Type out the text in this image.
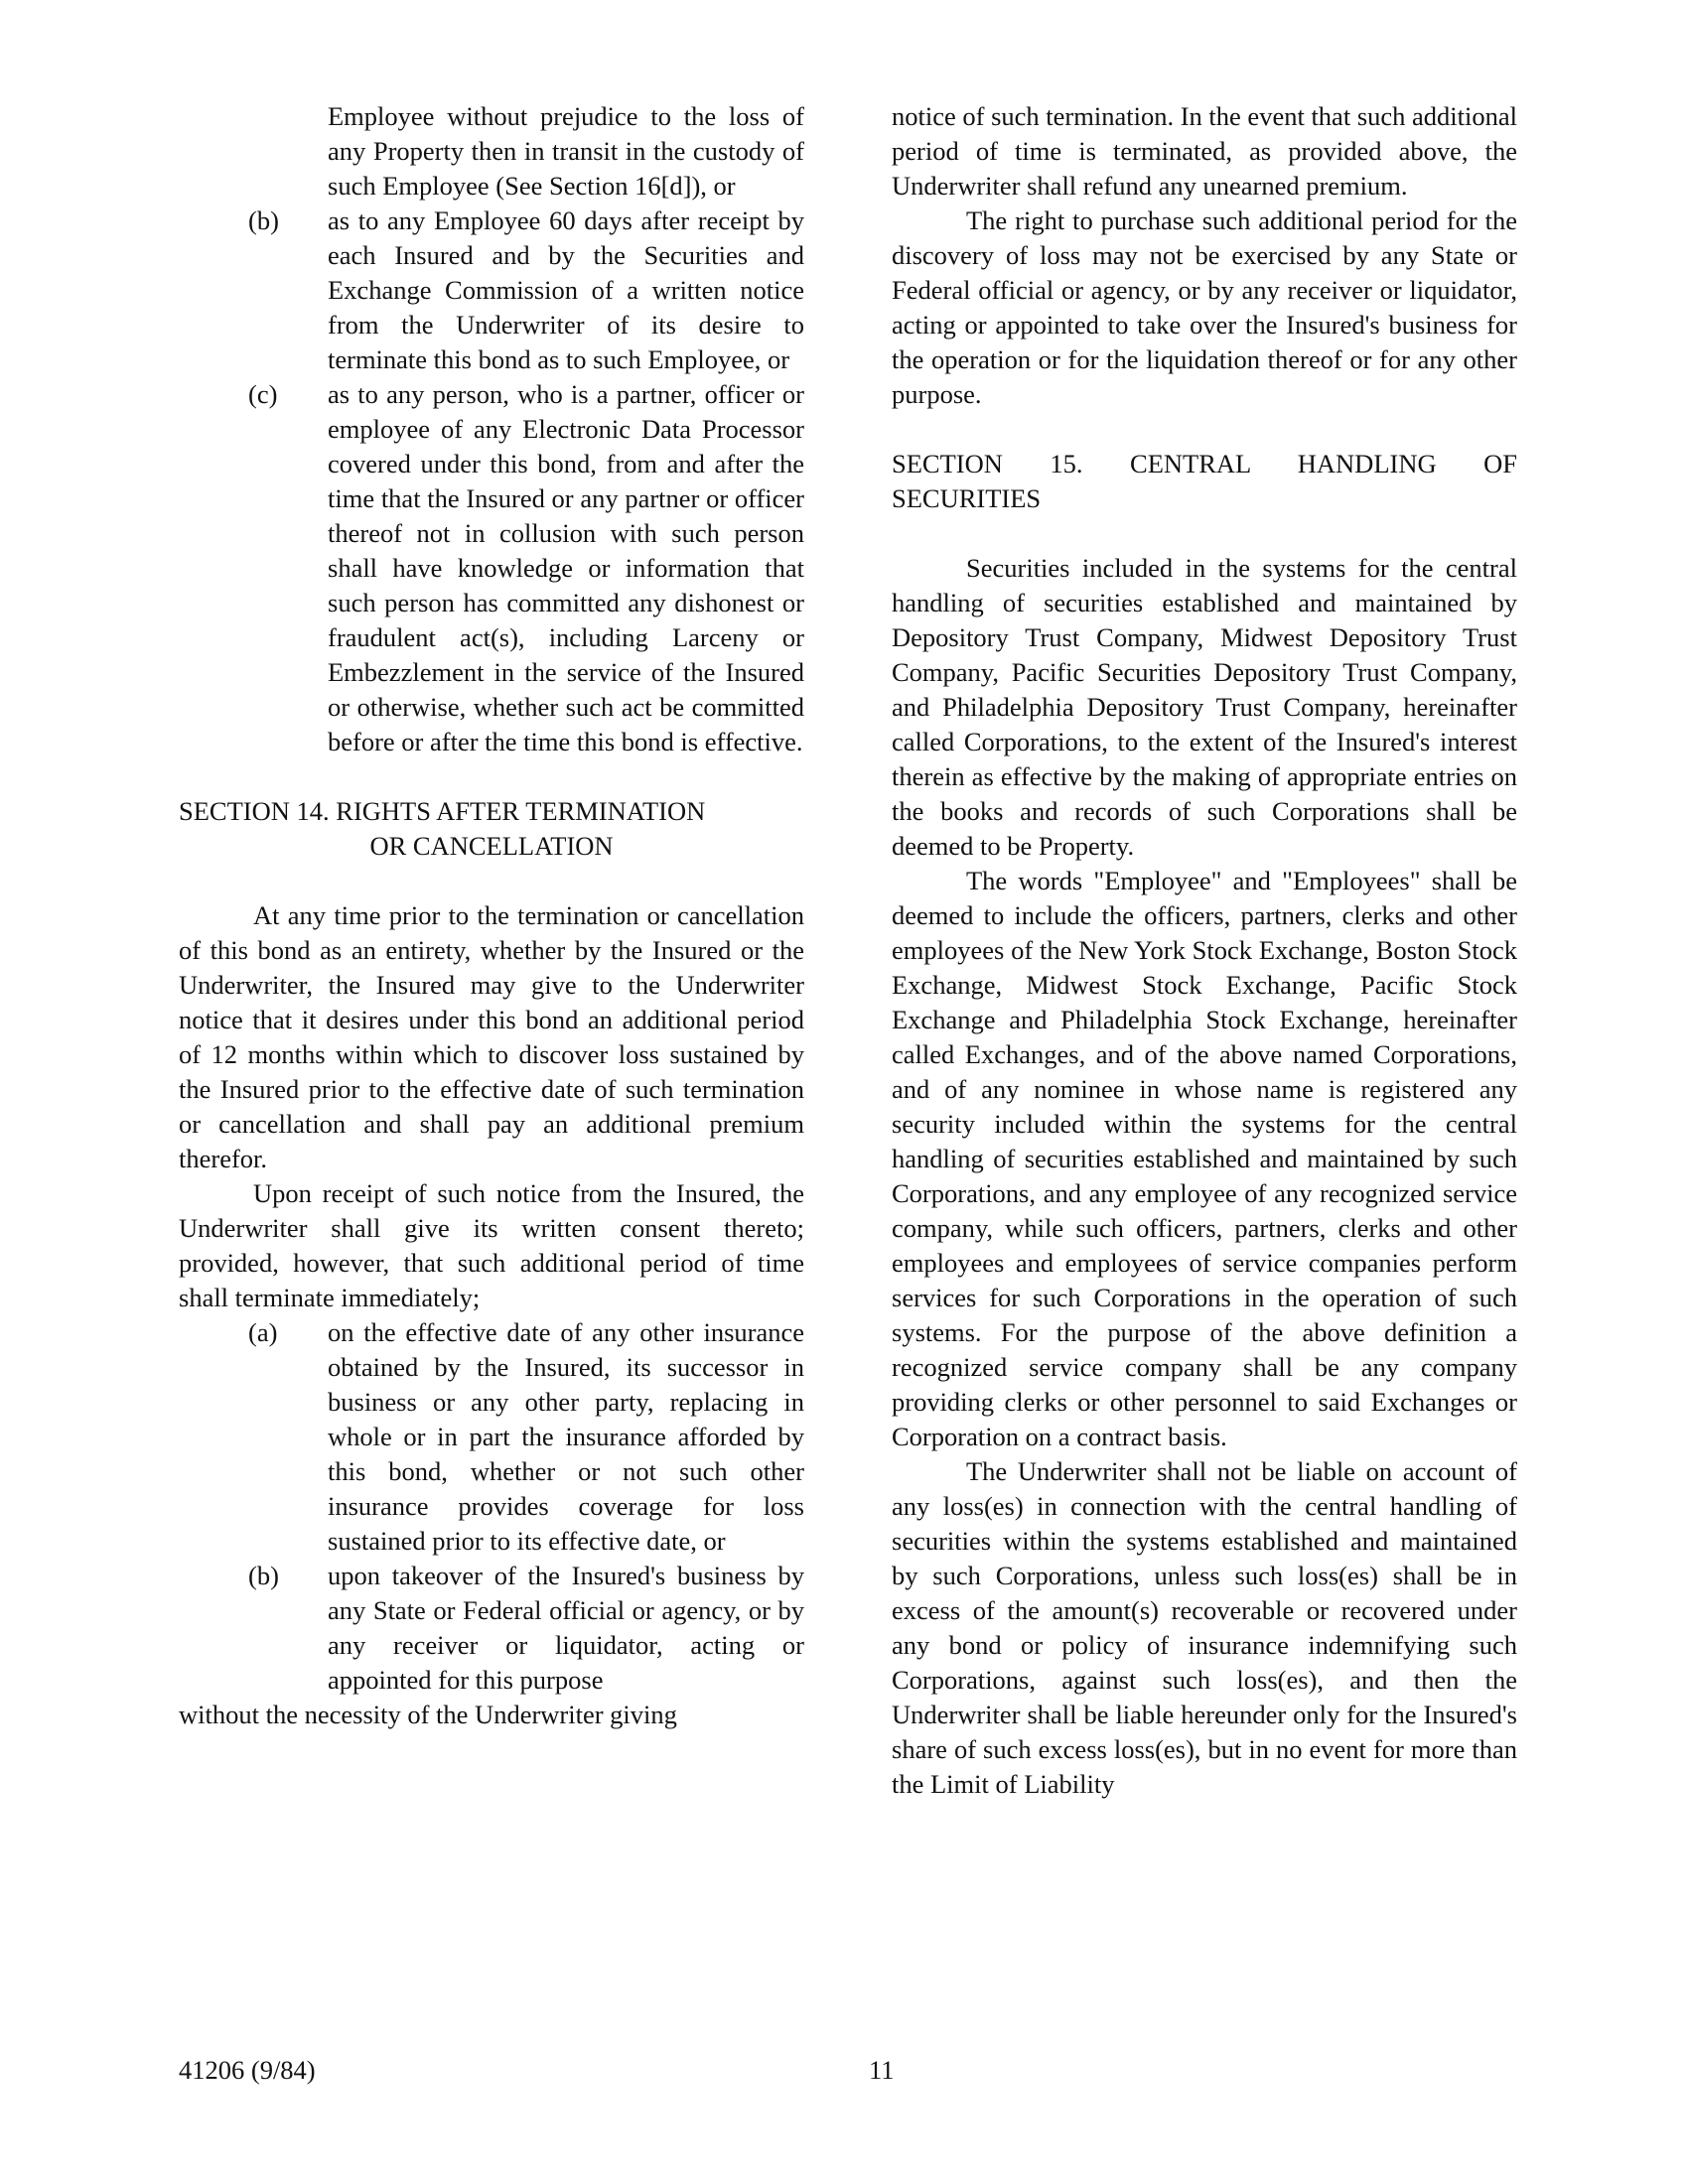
Employee without prejudice to the loss of any Property then in transit in the custody of such Employee (See Section 16[d]), or

(b)	as to any Employee 60 days after receipt by each Insured and by the Securities and Exchange Commission of a written notice from the Underwriter of its desire to terminate this bond as to such Employee, or
(c)	as to any person, who is a partner, officer or employee of any Electronic Data Processor covered under this bond, from and after the time that the Insured or any partner or officer thereof not in collusion with such person shall have knowledge or information that such person has committed any dishonest or fraudulent act(s), including Larceny or Embezzlement in the service of the Insured or otherwise, whether such act be committed before or after the time this bond is effective.

SECTION 14. RIGHTS AFTER TERMINATION

OR CANCELLATION

At any time prior to the termination or cancellation of this bond as an entirety, whether by the Insured or the Underwriter, the Insured may give to the Underwriter notice that it desires under this bond an additional period of 12 months within which to discover loss sustained by the Insured prior to the effective date of such termination or cancellation and shall pay an additional premium therefor.

Upon receipt of such notice from the Insured, the Underwriter shall give its written consent thereto; provided, however, that such additional period of time shall terminate immediately;

(a)	on the effective date of any other insurance obtained by the Insured, its successor in business or any other party, replacing in whole or in part the insurance afforded by this bond, whether or not such other insurance provides coverage for loss sustained prior to its effective date, or
(b)	upon takeover of the Insured's business by any State or Federal official or agency, or by any receiver or liquidator, acting or appointed for this purpose

without the necessity of the Underwriter giving

notice of such termination. In the event that such additional period of time is terminated, as provided above, the Underwriter shall refund any unearned premium.

The right to purchase such additional period for the discovery of loss may not be exercised by any State or Federal official or agency, or by any receiver or liquidator, acting or appointed to take over the Insured's business for the operation or for the liquidation thereof or for any other purpose.

SECTION 15. CENTRAL HANDLING OF

SECURITIES

Securities included in the systems for the central handling of securities established and maintained by Depository Trust Company, Midwest Depository Trust Company, Pacific Securities Depository Trust Company, and Philadelphia Depository Trust Company, hereinafter called Corporations, to the extent of the Insured's interest therein as effective by the making of appropriate entries on the books and records of such Corporations shall be deemed to be Property.

The words "Employee" and "Employees" shall be deemed to include the officers, partners, clerks and other employees of the New York Stock Exchange, Boston Stock Exchange, Midwest Stock Exchange, Pacific Stock Exchange and Philadelphia Stock Exchange, hereinafter called Exchanges, and of the above named Corporations, and of any nominee in whose name is registered any security included within the systems for the central handling of securities established and maintained by such Corporations, and any employee of any recognized service company, while such officers, partners, clerks and other employees and employees of service companies perform services for such Corporations in the operation of such systems. For the purpose of the above definition a recognized service company shall be any company providing clerks or other personnel to said Exchanges or Corporation on a contract basis.

The Underwriter shall not be liable on account of any loss(es) in connection with the central handling of securities within the systems established and maintained by such Corporations, unless such loss(es) shall be in excess of the amount(s) recoverable or recovered under any bond or policy of insurance indemnifying such Corporations, against such loss(es), and then the Underwriter shall be liable hereunder only for the Insured's share of such excess loss(es), but in no event for more than the Limit of Liability

41206 (9/84)	11
